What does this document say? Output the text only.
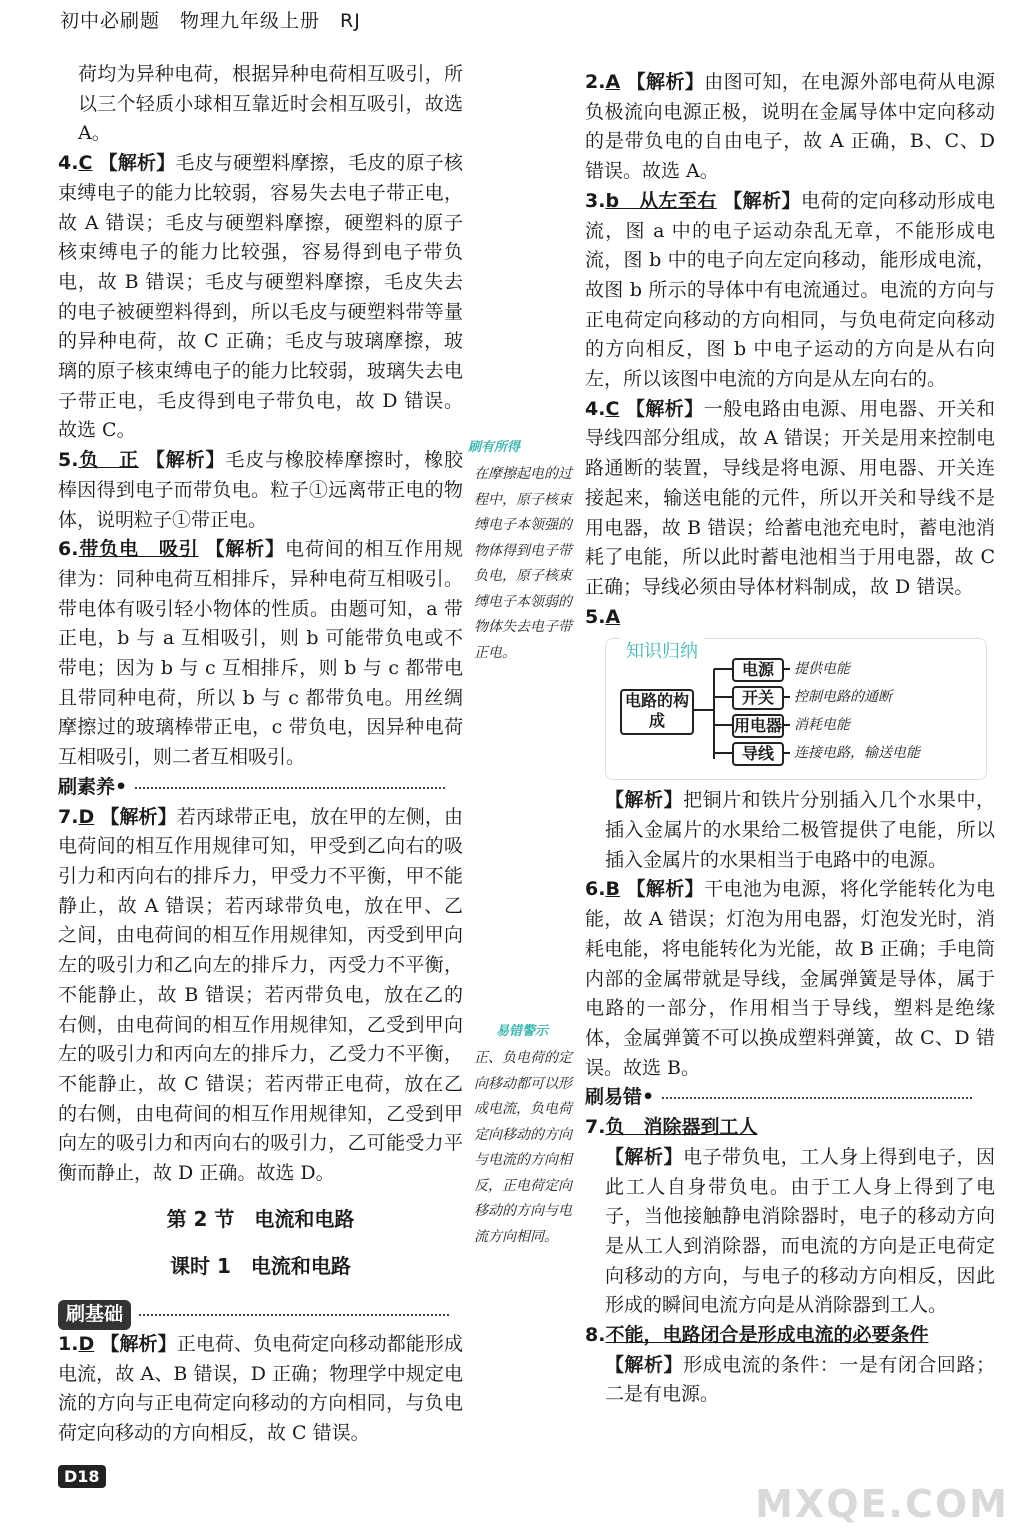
初中必刷题　物理九年级上册　RJ

荷均为异种电荷，根据异种电荷相互吸引，所以三个轻质小球相互靠近时会相互吸引，故选 A。

4.C 【解析】毛皮与硬塑料摩擦，毛皮的原子核束缚电子的能力比较弱，容易失去电子带正电，故 A 错误；毛皮与硬塑料摩擦，硬塑料的原子核束缚电子的能力比较强，容易得到电子带负电，故 B 错误；毛皮与硬塑料摩擦，毛皮失去的电子被硬塑料得到，所以毛皮与硬塑料带等量的异种电荷，故 C 正确；毛皮与玻璃摩擦，玻璃的原子核束缚电子的能力比较弱，玻璃失去电子带正电，毛皮得到电子带负电，故 D 错误。故选 C。

5.负　正 【解析】毛皮与橡胶棒摩擦时，橡胶棒因得到电子而带负电。粒子①远离带正电的物体，说明粒子①带正电。

6.带负电　吸引 【解析】电荷间的相互作用规律为：同种电荷互相排斥，异种电荷互相吸引。带电体有吸引轻小物体的性质。由题可知，a 带正电，b 与 a 互相吸引，则 b 可能带负电或不带电；因为 b 与 c 互相排斥，则 b 与 c 都带电且带同种电荷，所以 b 与 c 都带负电。用丝绸摩擦过的玻璃棒带正电，c 带负电，因异种电荷互相吸引，则二者互相吸引。

刷素养•

7.D 【解析】若丙球带正电，放在甲的左侧，由电荷间的相互作用规律可知，甲受到乙向右的吸引力和丙向右的排斥力，甲受力不平衡，甲不能静止，故 A 错误；若丙球带负电，放在甲、乙之间，由电荷间的相互作用规律知，丙受到甲向左的吸引力和乙向左的排斥力，丙受力不平衡，不能静止，故 B 错误；若丙带负电，放在乙的右侧，由电荷间的相互作用规律知，乙受到甲向左的吸引力和丙向左的排斥力，乙受力不平衡，不能静止，故 C 错误；若丙带正电荷，放在乙的右侧，由电荷间的相互作用规律知，乙受到甲向左的吸引力和丙向右的吸引力，乙可能受力平衡而静止，故 D 正确。故选 D。

第 2 节　电流和电路
课时 1　电流和电路
刷基础

1.D 【解析】正电荷、负电荷定向移动都能形成电流，故 A、B 错误，D 正确；物理学中规定电流的方向与正电荷定向移动的方向相同，与负电荷定向移动的方向相反，故 C 错误。

刷有所得
在摩擦起电的过程中，原子核束缚电子本领强的物体得到电子带负电，原子核束缚电子本领弱的物体失去电子带正电。
易错警示
正、负电荷的定向移动都可以形成电流，负电荷定向移动的方向与电流的方向相反，正电荷定向移动的方向与电流方向相同。

2.A 【解析】由图可知，在电源外部电荷从电源负极流向电源正极，说明在金属导体中定向移动的是带负电的自由电子，故 A 正确，B、C、D 错误。故选 A。

3.b　从左至右 【解析】电荷的定向移动形成电流，图 a 中的电子运动杂乱无章，不能形成电流，图 b 中的电子向左定向移动，能形成电流，故图 b 所示的导体中有电流通过。电流的方向与正电荷定向移动的方向相同，与负电荷定向移动的方向相反，图 b 中电子运动的方向是从右向左，所以该图中电流的方向是从左向右的。

4.C 【解析】一般电路由电源、用电器、开关和导线四部分组成，故 A 错误；开关是用来控制电路通断的装置，导线是将电源、用电器、开关连接起来，输送电能的元件，所以开关和导线不是用电器，故 B 错误；给蓄电池充电时，蓄电池消耗了电能，所以此时蓄电池相当于用电器，故 C 正确；导线必须由导体材料制成，故 D 错误。

5.A

知识归纳
电路的构成
电源
开关
用电器
导线
提供电能
控制电路的通断
消耗电能
连接电路，输送电能

【解析】把铜片和铁片分别插入几个水果中，插入金属片的水果给二极管提供了电能，所以插入金属片的水果相当于电路中的电源。

6.B 【解析】干电池为电源，将化学能转化为电能，故 A 错误；灯泡为用电器，灯泡发光时，消耗电能，将电能转化为光能，故 B 正确；手电筒内部的金属带就是导线，金属弹簧是导体，属于电路的一部分，作用相当于导线，塑料是绝缘体，金属弹簧不可以换成塑料弹簧，故 C、D 错误。故选 B。

刷易错•

7.负　消除器到工人

【解析】电子带负电，工人身上得到电子，因此工人自身带负电。由于工人身上得到了电子，当他接触静电消除器时，电子的移动方向是从工人到消除器，而电流的方向是正电荷定向移动的方向，与电子的移动方向相反，因此形成的瞬间电流方向是从消除器到工人。

8.不能，电路闭合是形成电流的必要条件

【解析】形成电流的条件：一是有闭合回路；二是有电源。

D18
MXQE.COM
